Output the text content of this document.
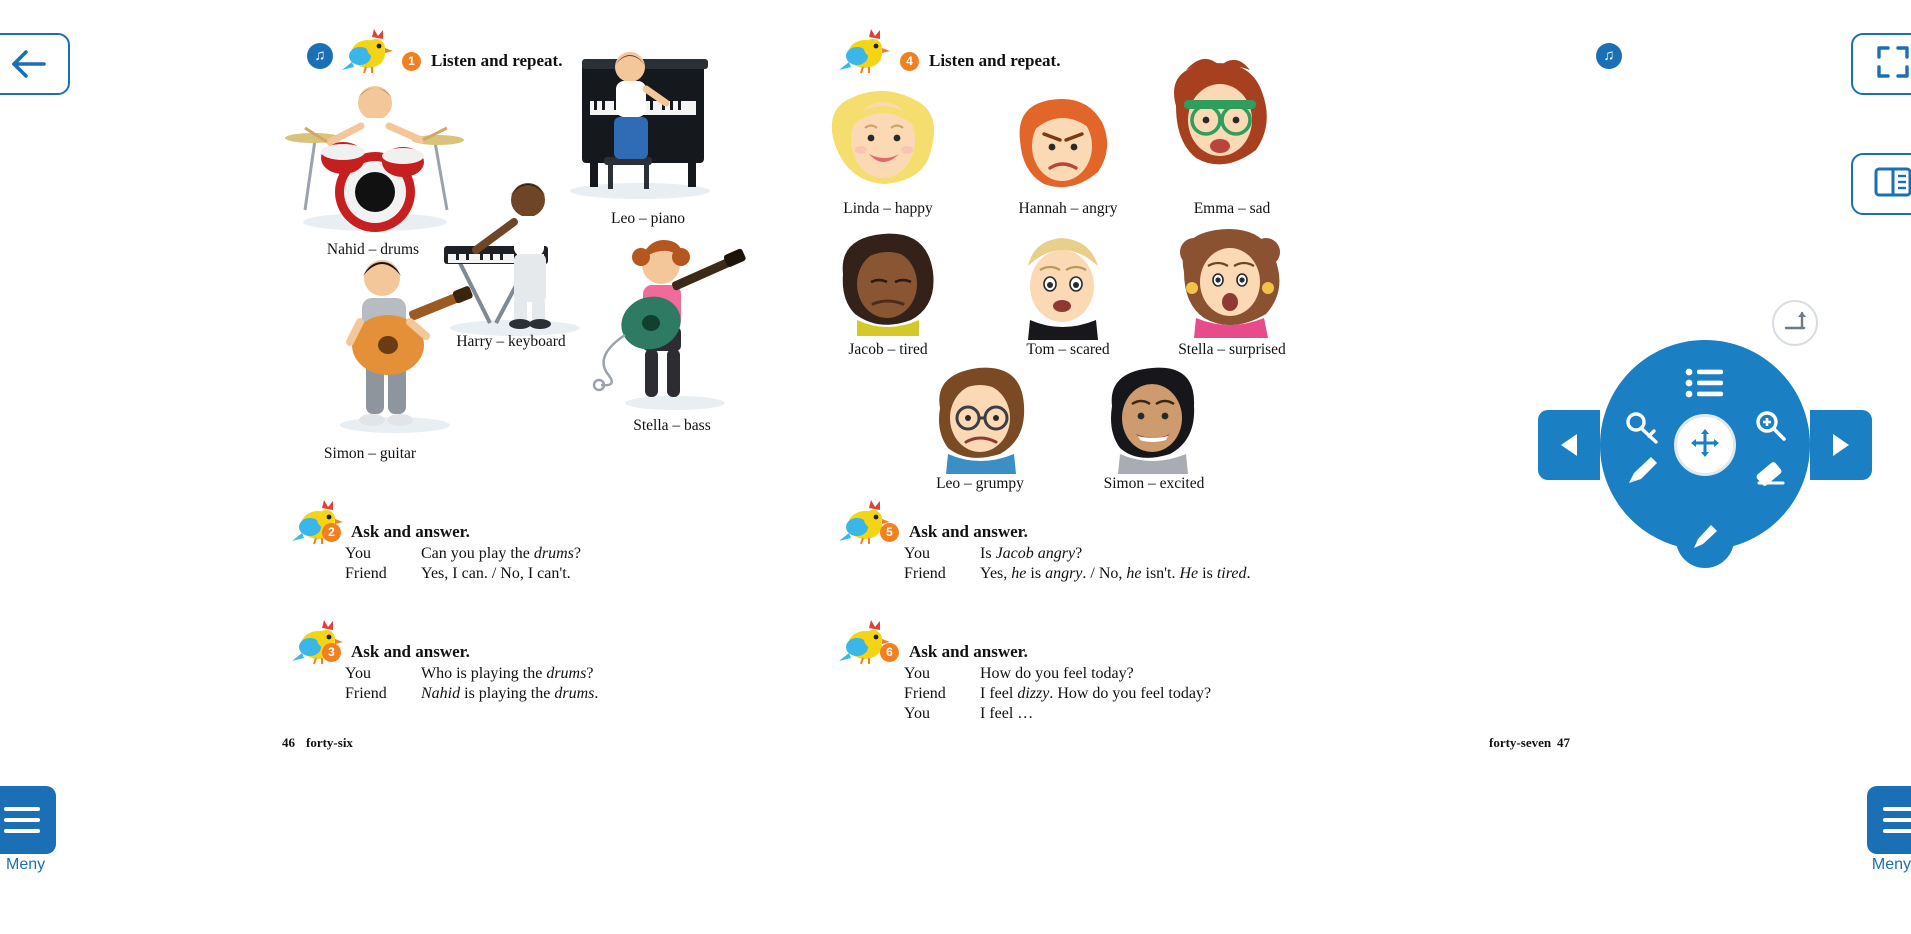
Meny	Meny
♫	1 Listen and repeat.
Nahid – drums
Leo – piano
Harry – keyboard
Simon – guitar
Stella – bass
2 Ask and answer.
You	Can you play the drums?
Friend	Yes, I can. / No, I can't.
3 Ask and answer.
You	Who is playing the drums?
Friend	Nahid is playing the drums.
46 forty-six
4 Listen and repeat.
Linda – happy	Hannah – angry	Emma – sad
Jacob – tired	Tom – scared	Stella – surprised
Leo – grumpy	Simon – excited
5 Ask and answer.
You	Is Jacob angry?
Friend	Yes, he is angry. / No, he isn't. He is tired.
6 Ask and answer.
You	How do you feel today?
Friend	I feel dizzy. How do you feel today?
You	I feel …
forty-seven 47
♫
